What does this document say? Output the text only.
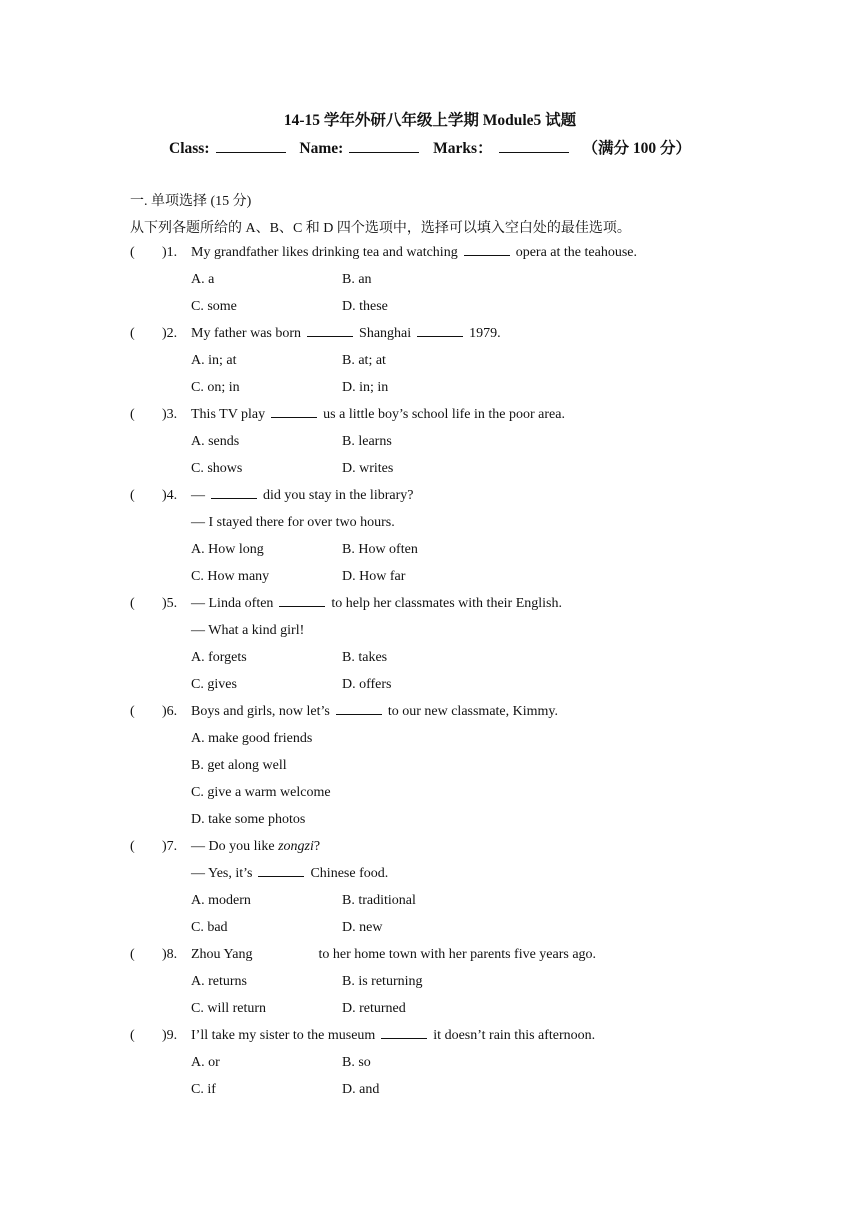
14-15 学年外研八年级上学期 Module5 试题
Class:	Name:	Marks：	（满分 100 分）
一. 单项选择 (15 分)
从下列各题所给的 A、B、C 和 D 四个选项中，选择可以填入空白处的最佳选项。
( )1. My grandfather likes drinking tea and watching	opera at the teahouse.
A. a	B. an
C. some	D. these
( )2. My father was born	Shanghai	1979.
A. in; at	B. at; at
C. on; in	D. in; in
( )3. This TV play	us a little boy’s school life in the poor area.
A. sends	B. learns
C. shows	D. writes
( )4. —	did you stay in the library?
— I stayed there for over two hours.
A. How long	B. How often
C. How many	D. How far
( )5. — Linda often	to help her classmates with their English.
— What a kind girl!
A. forgets	B. takes
C. gives	D. offers
( )6. Boys and girls, now let’s	to our new classmate, Kimmy.
A. make good friends
B. get along well
C. give a warm welcome
D. take some photos
( )7. — Do you like zongzi?
— Yes, it’s	Chinese food.
A. modern	B. traditional
C. bad	D. new
( )8. Zhou Yang	to her home town with her parents five years ago.
A. returns	B. is returning
C. will return	D. returned
( )9. I’ll take my sister to the museum	it doesn’t rain this afternoon.
A. or	B. so
C. if	D. and
